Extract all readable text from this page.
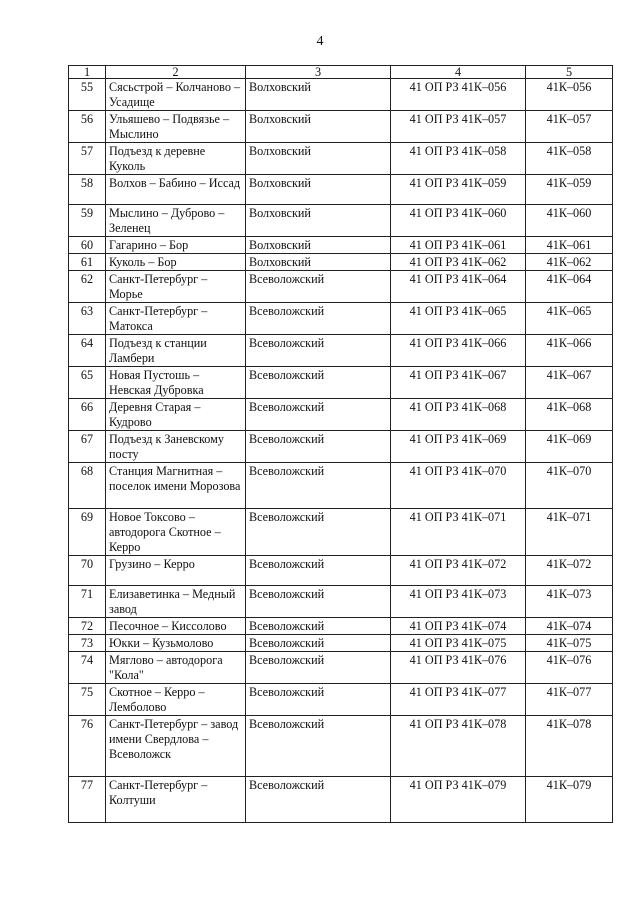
4
1	2	3	4	5
55	Сясьстрой – Колчаново – Усадище	Волховский	41 ОП РЗ 41К–056	41К–056
56	Ульяшево – Подвязье – Мыслино	Волховский	41 ОП РЗ 41К–057	41К–057
57	Подъезд к деревне Куколь	Волховский	41 ОП РЗ 41К–058	41К–058
58	Волхов – Бабино – Иссад	Волховский	41 ОП РЗ 41К–059	41К–059
59	Мыслино – Дуброво – Зеленец	Волховский	41 ОП РЗ 41К–060	41К–060
60	Гагарино – Бор	Волховский	41 ОП РЗ 41К–061	41К–061
61	Куколь – Бор	Волховский	41 ОП РЗ 41К–062	41К–062
62	Санкт-Петербург – Морье	Всеволожский	41 ОП РЗ 41К–064	41К–064
63	Санкт-Петербург – Матокса	Всеволожский	41 ОП РЗ 41К–065	41К–065
64	Подъезд к станции Ламбери	Всеволожский	41 ОП РЗ 41К–066	41К–066
65	Новая Пустошь – Невская Дубровка	Всеволожский	41 ОП РЗ 41К–067	41К–067
66	Деревня Старая – Кудрово	Всеволожский	41 ОП РЗ 41К–068	41К–068
67	Подъезд к Заневскому посту	Всеволожский	41 ОП РЗ 41К–069	41К–069
68	Станция Магнитная – поселок имени Морозова	Всеволожский	41 ОП РЗ 41К–070	41К–070
69	Новое Токсово – автодорога Скотное – Керро	Всеволожский	41 ОП РЗ 41К–071	41К–071
70	Грузино – Керро	Всеволожский	41 ОП РЗ 41К–072	41К–072
71	Елизаветинка – Медный завод	Всеволожский	41 ОП РЗ 41К–073	41К–073
72	Песочное – Киссолово	Всеволожский	41 ОП РЗ 41К–074	41К–074
73	Юкки – Кузьмолово	Всеволожский	41 ОП РЗ 41К–075	41К–075
74	Мяглово – автодорога "Кола"	Всеволожский	41 ОП РЗ 41К–076	41К–076
75	Скотное – Керро – Лемболово	Всеволожский	41 ОП РЗ 41К–077	41К–077
76	Санкт-Петербург – завод имени Свердлова – Всеволожск	Всеволожский	41 ОП РЗ 41К–078	41К–078
77	Санкт-Петербург – Колтуши	Всеволожский	41 ОП РЗ 41К–079	41К–079
